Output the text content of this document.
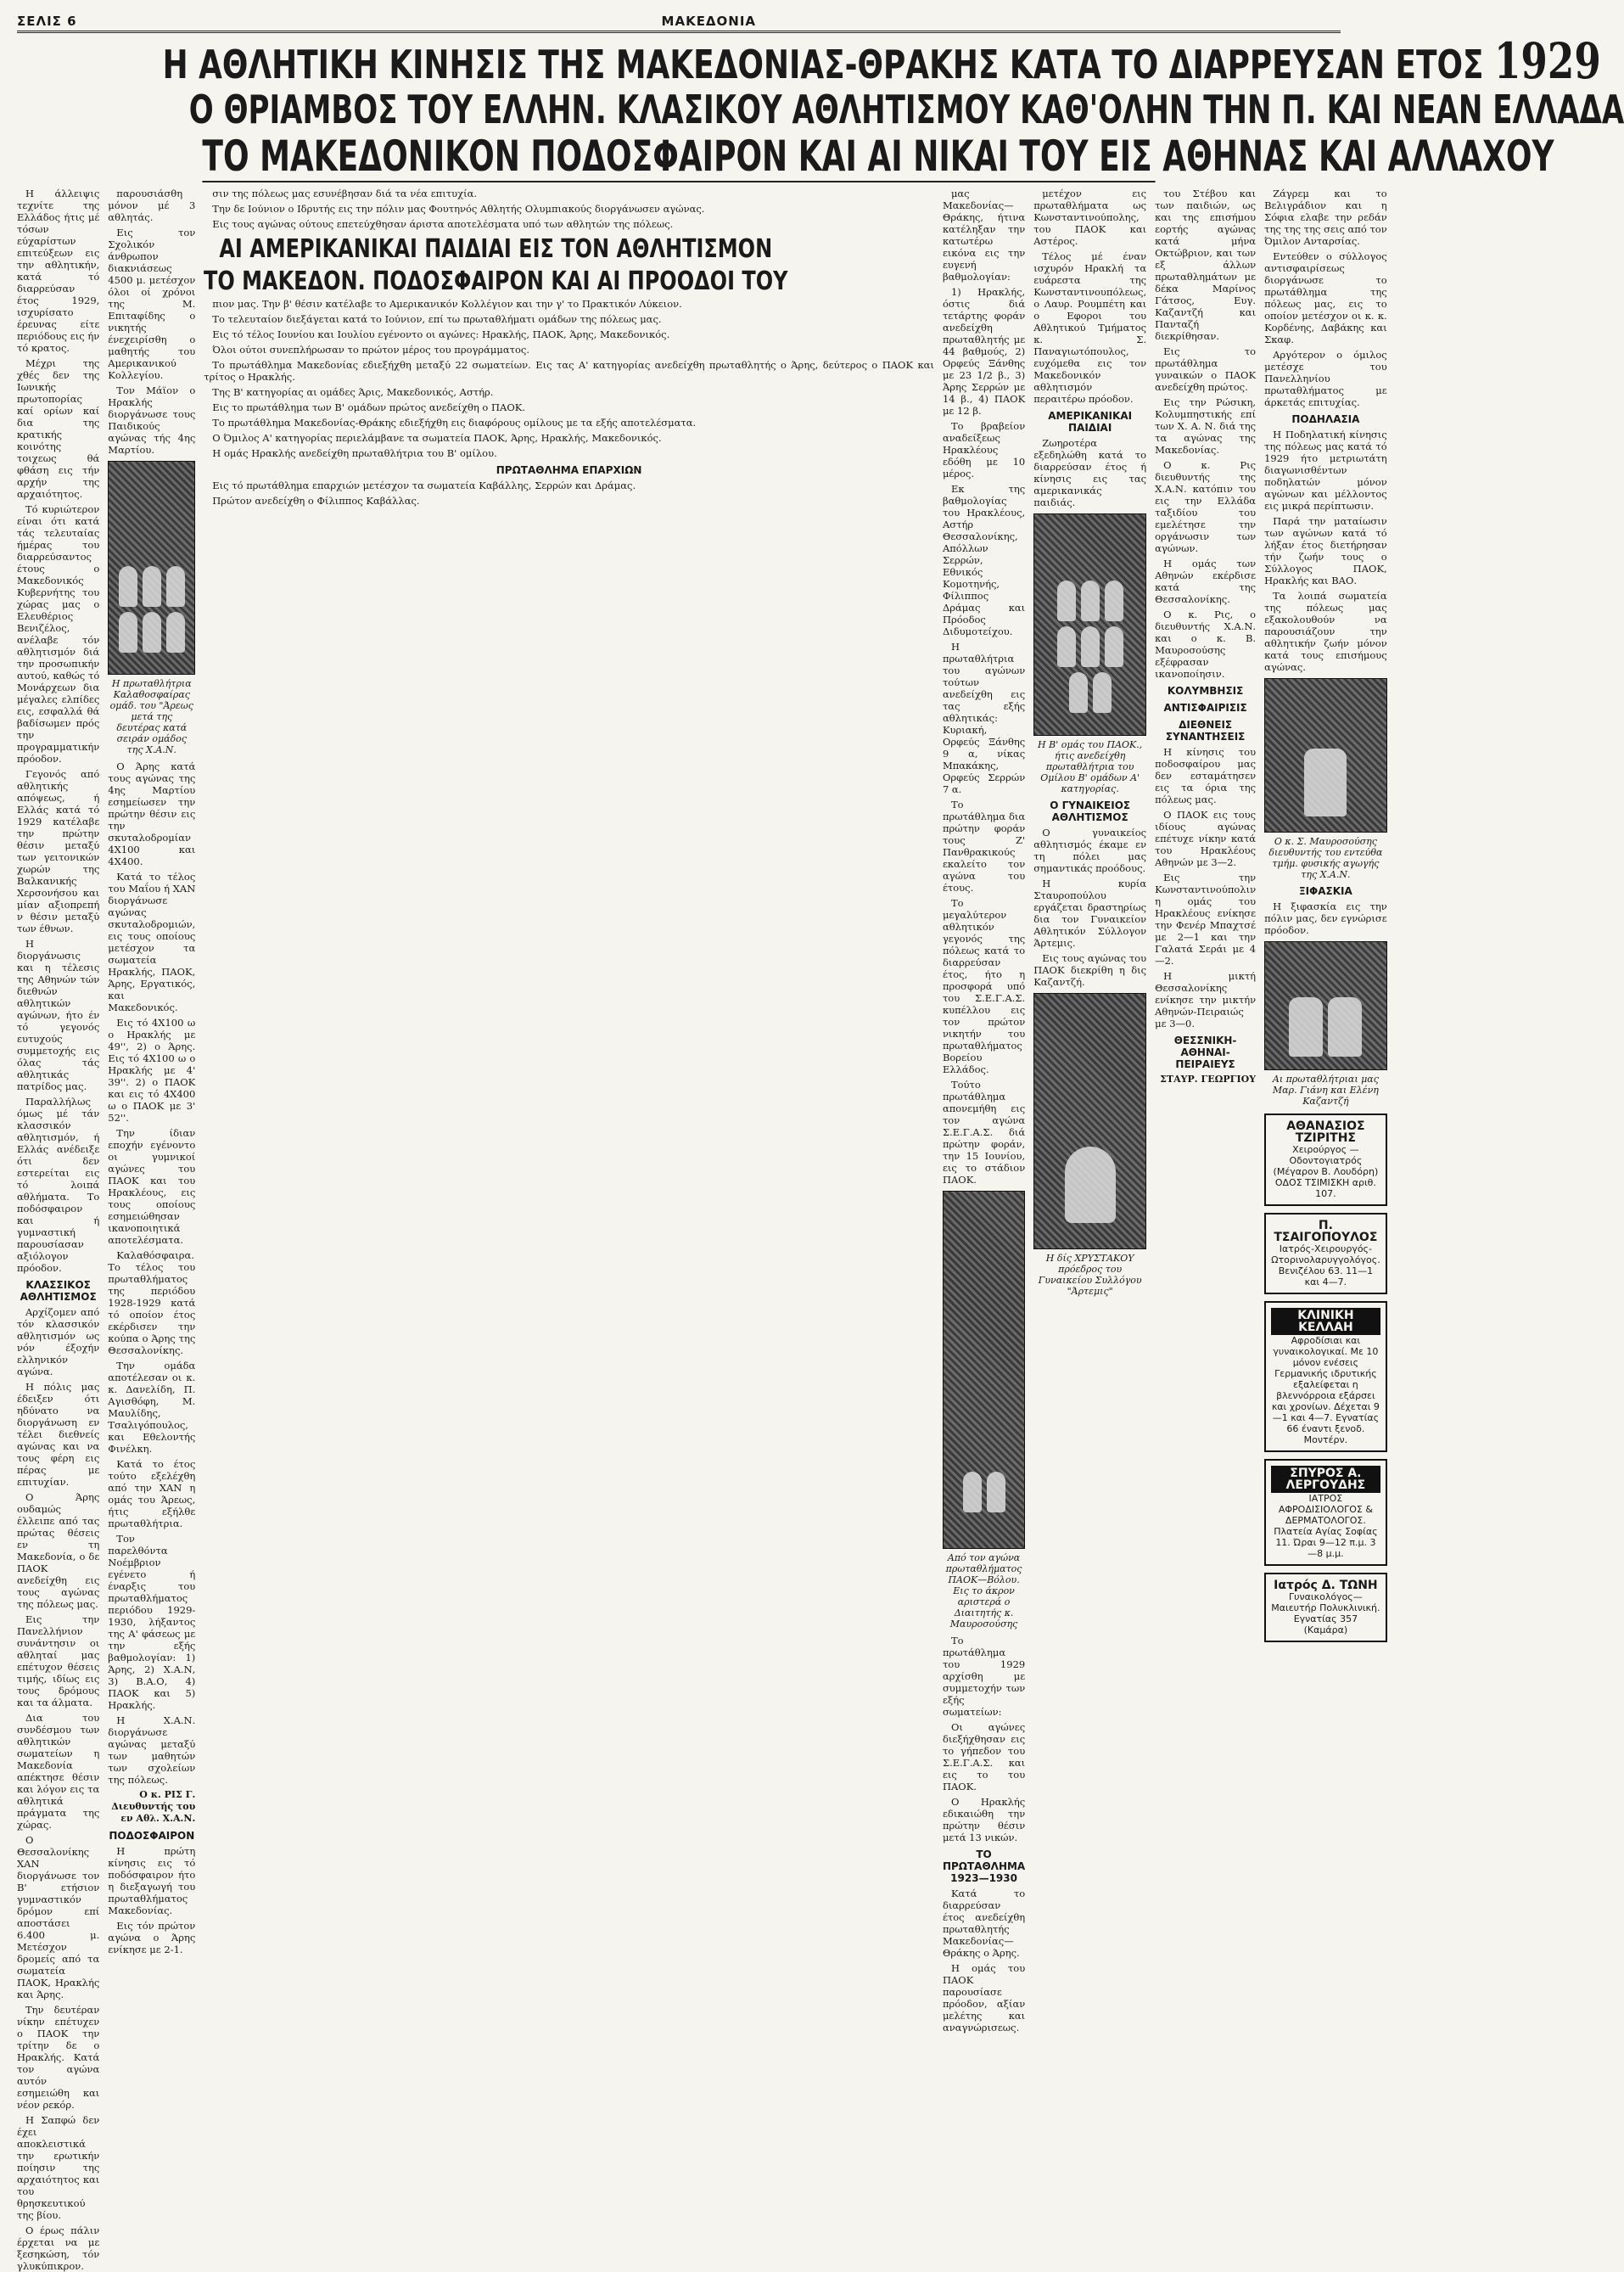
ΣΕΛΙΣ 6	ΜΑΚΕΔΟΝΙΑ
Η ΑΘΛΗΤΙΚΗ ΚΙΝΗΣΙΣ ΤΗΣ ΜΑΚΕΔΟΝΙΑΣ-ΘΡΑΚΗΣ ΚΑΤΑ ΤΟ ΔΙΑΡΡΕΥΣΑΝ ΕΤΟΣ 1929
Ο ΘΡΙΑΜΒΟΣ ΤΟΥ ΕΛΛΗΝ. ΚΛΑΣΙΚΟΥ ΑΘΛΗΤΙΣΜΟΥ ΚΑΘ'ΟΛΗΝ ΤΗΝ Π. ΚΑΙ ΝΕΑΝ ΕΛΛΑΔΑ
ΤΟ ΜΑΚΕΔΟΝΙΚΟΝ ΠΟΔΟΣΦΑΙΡΟΝ ΚΑΙ ΑΙ ΝΙΚΑΙ ΤΟΥ ΕΙΣ ΑΘΗΝΑΣ ΚΑΙ ΑΛΛΑΧΟΥ

Η άλλειψις τεχνίτε της Ελλάδος ήτις μέ τόσων εύχαρίστων επιτεύξεων εις την αθλητικήν, κατά τό διαρρεύσαν έτος 1929, ισχυρίσατο έρευνας είτε περιόδους εις ήν τό κρατος.

Μέχρι της χθές δεν της Ιωνικής πρωτοπορίας καί ορίων καί δια της κρατικής κοινότης τοιχεως θά φθάση εις τήν αρχήν της αρχαιότητος.

Τό κυριώτερον είναι ότι κατά τάς τελευταίας ήμέρας του διαρρεύσαντος έτους ο Μακεδονικός Κυβερνήτης του χώρας μας ο Ελευθέριος Βενιζέλος, ανέλαβε τόν αθλητισμόν διά την προσωπικήν αυτού, καθώς τό Μονάρχεων δια μέγαλες ελπίδες εις, εσφαλλά θά βαδίσωμεν πρός την προγραμματικήν πρόοδον.

Γεγονός από αθλητικής απόψεως, ή Ελλάς κατά τό 1929 κατέλαβε την πρώτην θέσιν μεταξύ των γειτονικών χωρών της Βαλκανικής Χερσονήσου και μίαν αξιοπρεπή ν θέσιν μεταξύ των έθνων.

Η διοργάνωσις και η τέλεσις της Αθηνών τών διεθνών αθλητικών αγώνων, ήτο έν τό γεγονός ευτυχούς συμμετοχής εις όλας τάς αθλητικάς πατρίδος μας.

Παραλλήλως όμως μέ τάν κλασσικόν αθλητισμόν, ή Ελλάς ανέδειξε ότι δεν εστερείται εις τό λοιπά αθλήματα. Το ποδόσφαιρον και ή γυμναστική παρουσίασαν αξιόλογον πρόοδον.

ΚΛΑΣΣΙΚΟΣ ΑΘΛΗΤΙΣΜΟΣ

Αρχίζομεν από τόν κλασσικόν αθλητισμόν ως νόν έξοχήν ελληνικόν αγώνα.

Η πόλις μας έδειξεν ότι ηδύνατο να διοργάνωση εν τέλει διεθνείς αγώνας και να τους φέρη εις πέρας με επιτυχίαν.

Ο Άρης ουδαμώς έλλειπε από τας πρώτας θέσεις εν τη Μακεδονία, ο δε ΠΑΟΚ ανεδείχθη εις τους αγώνας της πόλεως μας.

Εις την Πανελλήνιον συνάντησιν οι αθληταί μας επέτυχον θέσεις τιμής, ιδίως εις τους δρόμους και τα άλματα.

Δια του συνδέσμου των αθλητικών σωματείων η Μακεδονία απέκτησε θέσιν και λόγον εις τα αθλητικά πράγματα της χώρας.

Ο Θεσσαλονίκης ΧΑΝ διοργάνωσε τον Β' ετήσιον γυμναστικόν δρόμον επί αποστάσει 6.400 μ. Μετέσχον δρομείς από τα σωματεία ΠΑΟΚ, Ηρακλής και Άρης.

Την δευτέραν νίκην επέτυχεν ο ΠΑΟΚ την τρίτην δε ο Ηρακλής. Κατά τον αγώνα αυτόν εσημειώθη και νέον ρεκόρ.

Η Σαπφώ δεν έχει αποκλειστικά την ερωτικήν ποίησιν της αρχαιότητος και του θρησκευτικού της βίου.

Ο έρως πάλιν έρχεται να με ξεσηκώση, τόν γλυκύπικρον.

παρουσιάσθη μόνον μέ 3 αθλητάς.

Εις τον Σχολικόν άνθρωπον διακνιάσεως 4500 μ. μετέσχον όλοι οί χρόνοι της Μ. Επιταφίδης ο νικητής ένεχειρίσθη ο μαθητής του Αμερικανικού Κολλεγίου.

Τον Μάϊον ο Ηρακλής διοργάνωσε τους Παιδικούς αγώνας τής 4ης Μαρτίου.

Η πρωταθλήτρια Καλαθοσφαίρας ομάδ. του "Άρεως μετά της δευτέρας κατά σειράν ομάδος της Χ.Α.Ν.

Ο Άρης κατά τους αγώνας της 4ης Μαρτίου εσημείωσεν την πρώτην θέσιν εις την σκυταλοδρομίαν 4Χ100 και 4Χ400.

Κατά το τέλος του Μαΐου ή ΧΑΝ διοργάνωσε αγώνας σκυταλοδρομιών, εις τους οποίους μετέσχον τα σωματεία Ηρακλής, ΠΑΟΚ, Άρης, Εργατικός, και Μακεδονικός.

Εις τό 4Χ100 ω ο Ηρακλής με 49'', 2) ο Άρης. Εις τό 4Χ100 ω ο Ηρακλής με 4' 39''. 2) ο ΠΑΟΚ και εις τό 4Χ400 ω ο ΠΑΟΚ με 3' 52''.

Την ίδιαν εποχήν εγένοντο οι γυμνικοί αγώνες του ΠΑΟΚ και του Ηρακλέους, εις τους οποίους εσημειώθησαν ικανοποιητικά αποτελέσματα.

Καλαθόσφαιρα. Το τέλος του πρωταθλήματος της περιόδου 1928-1929 κατά τό οποίον έτος εκέρδισεν την κούπα ο Άρης της Θεσσαλονίκης.

Την ομάδα αποτέλεσαν οι κ. κ. Δανελίδη, Π. Αγισθόφη, Μ. Μαυλίδης, Τσαλιγόπουλος, και Εθελοντής Φινέλκη.

Κατά το έτος τούτο εξελέχθη από την ΧΑΝ η ομάς του Άρεως, ήτις εξήλθε πρωταθλήτρια.

Τον παρελθόντα Νοέμβριον εγένετο ή έναρξις του πρωταθλήματος περιόδου 1929-1930, λήξαντος της Α' φάσεως με την εξής βαθμολογίαν: 1) Άρης, 2) Χ.Α.Ν, 3) Β.Α.Ο, 4) ΠΑΟΚ και 5) Ηρακλής.

Η Χ.Α.Ν. διοργάνωσε αγώνας μεταξύ των μαθητών των σχολείων της πόλεως.

Ο κ. ΡΙΣ Γ. Διευθυντής του εν Αθλ. Χ.Α.Ν.
ΠΟΔΟΣΦΑΙΡΟΝ

Η πρώτη κίνησις εις τό ποδόσφαιρον ήτο η διεξαγωγή του πρωταθλήματος Μακεδονίας.

Εις τόν πρώτον αγώνα ο Άρης ενίκησε με 2-1.

σιν της πόλεως μας εσυνέβησαν διά τα νέα επιτυχία.

Την δε Ιούνιον ο Ιδρυτής εις την πόλιν μας Φουτηνός Αθλητής Ολυμπιακούς διοργάνωσεν αγώνας.

Εις τους αγώνας ούτους επετεύχθησαν άριστα αποτελέσματα υπό των αθλητών της πόλεως.

ΑΙ ΑΜΕΡΙΚΑΝΙΚΑΙ ΠΑΙΔΙΑΙ ΕΙΣ ΤΟΝ ΑΘΛΗΤΙΣΜΟΝ
ΤΟ ΜΑΚΕΔΟΝ. ΠΟΔΟΣΦΑΙΡΟΝ ΚΑΙ ΑΙ ΠΡΟΟΔΟΙ ΤΟΥ

πιον μας. Την β' θέσιν κατέλαβε το Αμερικανικόν Κολλέγιον και την γ' το Πρακτικόν Λύκειον.

Το τελευταίον διεξάγεται κατά το Ιούνιον, επί τω πρωταθλήματι ομάδων της πόλεως μας.

Εις τό τέλος Ιουνίου και Ιουλίου εγένοντο οι αγώνες: Ηρακλής, ΠΑΟΚ, Άρης, Μακεδονικός.

Όλοι ούτοι συνεπλήρωσαν το πρώτον μέρος του προγράμματος.

Το πρωτάθλημα Μακεδονίας εδιεξήχθη μεταξύ 22 σωματείων. Εις τας Α' κατηγορίας ανεδείχθη πρωταθλητής ο Άρης, δεύτερος ο ΠΑΟΚ και τρίτος ο Ηρακλής.

Της Β' κατηγορίας αι ομάδες Άρις, Μακεδονικός, Αστήρ.

Εις το πρωτάθλημα των Β' ομάδων πρώτος ανεδείχθη ο ΠΑΟΚ.

Το πρωτάθλημα Μακεδονίας-Θράκης εδιεξήχθη εις διαφόρους ομίλους με τα εξής αποτελέσματα.

Ο Όμιλος Α' κατηγορίας περιελάμβανε τα σωματεία ΠΑΟΚ, Άρης, Ηρακλής, Μακεδονικός.

Η ομάς Ηρακλής ανεδείχθη πρωταθλήτρια του Β' ομίλου.

ΠΡΩΤΑΘΛΗΜΑ ΕΠΑΡΧΙΩΝ

Εις τό πρωτάθλημα επαρχιών μετέσχον τα σωματεία Καβάλλης, Σερρών και Δράμας.

Πρώτον ανεδείχθη ο Φίλιππος Καβάλλας.

μας Μακεδονίας—Θράκης, ήτινα κατέληξαν την κατωτέρω εικόνα εις την ευγενή βαθμολογίαν:

1) Ηρακλής, όστις διά τετάρτης φοράν ανεδείχθη πρωταθλητής με 44 βαθμούς, 2) Ορφεύς Ξάνθης με 23 1/2 β., 3) Άρης Σερρών με 14 β., 4) ΠΑΟΚ με 12 β.

Το βραβείον αναδείξεως Ηρακλέους εδόθη με 10 μέρος.

Εκ της βαθμολογίας του Ηρακλέους, Αστήρ Θεσσαλονίκης, Απόλλων Σερρών, Εθνικός Κομοτηνής, Φίλιππος Δράμας και Πρόοδος Διδυμοτείχου.

Η πρωταθλήτρια του αγώνων τούτων ανεδείχθη εις τας εξής αθλητικάς: Κυριακή, Ορφεύς Ξάνθης 9 α, νίκας Μπακάκης, Ορφεύς Σερρών 7 α.

Το πρωτάθλημα δια πρώτην φοράν τους Ζ' Πανθρακικούς εκαλείτο τον αγώνα του έτους.

Το μεγαλύτερον αθλητικόν γεγονός της πόλεως κατά το διαρρεύσαν έτος, ήτο η προσφορά υπό του Σ.Ε.Γ.Α.Σ. κυπέλλου εις τον πρώτον νικητήν του πρωταθλήματος Βορείου Ελλάδος.

Τούτο πρωτάθλημα απονεμήθη εις τον αγώνα Σ.Ε.Γ.Α.Σ. διά πρώτην φοράν, την 15 Ιουνίου, εις το στάδιον ΠΑΟΚ.

Από τον αγώνα πρωταθλήματος ΠΑΟΚ—Βόλου. Εις το άκρον αριστερά ο Διαιτητής κ. Μαυροσούσης

Το πρωτάθλημα του 1929 αρχίσθη με συμμετοχήν των εξής σωματείων:

Οι αγώνες διεξήχθησαν εις το γήπεδον του Σ.Ε.Γ.Α.Σ. και εις το του ΠΑΟΚ.

Ο Ηρακλής εδικαιώθη την πρώτην θέσιν μετά 13 νικών.

ΤΟ ΠΡΩΤΑΘΛΗΜΑ 1923—1930

Κατά το διαρρεύσαν έτος ανεδείχθη πρωταθλητής Μακεδονίας—Θράκης ο Άρης.

Η ομάς του ΠΑΟΚ παρουσίασε πρόοδον, αξίαν μελέτης και αναγνώρισεως.

μετέχον εις πρωταθλήματα ως Κωνσταντινούπολης, του ΠΑΟΚ και Αστέρος.

Τέλος μέ έναν ισχυρόν Ηρακλή τα ευάρεστα της Κωνσταντινουπόλεως, ο Λαυρ. Ρουμπέτη και ο Εφοροι του Αθλητικού Τμήματος κ. Σ. Παναγιωτόπουλος, ευχόμεθα εις τον Μακεδονικόν αθλητισμόν περαιτέρω πρόοδον.

ΑΜΕΡΙΚΑΝΙΚΑΙ ΠΑΙΔΙΑΙ

Ζωηροτέρα εξεδηλώθη κατά το διαρρεύσαν έτος ή κίνησις εις τας αμερικανικάς παιδιάς.

Η Β' ομάς του ΠΑΟΚ., ήτις ανεδείχθη πρωταθλήτρια του Ομίλου Β' ομάδων Α' κατηγορίας.
Ο ΓΥΝΑΙΚΕΙΟΣ ΑΘΛΗΤΙΣΜΟΣ

Ο γυναικείος αθλητισμός έκαμε εν τη πόλει μας σημαντικάς προόδους.

Η κυρία Σταυροπούλου εργάζεται δραστηρίως δια τον Γυναικείον Αθλητικόν Σύλλογον Άρτεμις.

Εις τους αγώνας του ΠΑΟΚ διεκρίθη η δις Καζαντζή.

Η δίς ΧΡΥΣΤΑΚΟΥ πρόεδρος του Γυναικείου Συλλόγου "Άρτεμις"

του Στέβου και των παιδιών, ως και της επισήμου εορτής αγώνας κατά μήνα Οκτώβριον, και των εξ άλλων πρωταθλημάτων με δέκα Μαρίνος Γάτσος, Ευγ. Καζαντζή και Πανταζή διεκρίθησαν.

Εις το πρωτάθλημα γυναικών ο ΠΑΟΚ ανεδείχθη πρώτος.

Εις την Ρώσικη, Κολυμπηστικής επί των Χ. Α. Ν. διά της τα αγώνας της Μακεδονίας.

Ο κ. Ρις διευθυντής της Χ.Α.Ν. κατόπιν του εις την Ελλάδα ταξιδίου του εμελέτησε την οργάνωσιν των αγώνων.

Η ομάς των Αθηνών εκέρδισε κατά της Θεσσαλονίκης.

Ο κ. Ρις, ο διευθυντής Χ.Α.Ν. και ο κ. Β. Μαυροσούσης εξέφρασαν ικανοποίησιν.

ΚΟΛΥΜΒΗΣΙΣ
ΑΝΤΙΣΦΑΙΡΙΣΙΣ
ΔΙΕΘΝΕΙΣ ΣΥΝΑΝΤΗΣΕΙΣ

Η κίνησις του ποδοσφαίρου μας δεν εσταμάτησεν εις τα όρια της πόλεως μας.

Ο ΠΑΟΚ εις τους ιδίους αγώνας επέτυχε νίκην κατά του Ηρακλέους Αθηνών με 3—2.

Εις την Κωνσταντινούπολιν η ομάς του Ηρακλέους ενίκησε την Φενέρ Μπαχτσέ με 2—1 και την Γαλατά Σεράι με 4—2.

Η μικτή Θεσσαλονίκης ενίκησε την μικτήν Αθηνών-Πειραιώς με 3—0.

ΘΕΣΣΝΙΚΗ-ΑΘΗΝΑΙ-ΠΕΙΡΑΙΕΥΣ
ΣΤΑΥΡ. ΓΕΩΡΓΙΟΥ

Ζάγρεμ και το Βελιγράδιον και η Σόφια ελαβε την ρεδάν της της της σεις από τον Όμιλον Ανταρσίας.

Εντεύθεν ο σύλλογος αντισφαιρίσεως διοργάνωσε το πρωτάθλημα της πόλεως μας, εις το οποίον μετέσχον οι κ. κ. Κορδένης, Δαβάκης και Σκαφ.

Αργότερον ο όμιλος μετέσχε του Πανελληνίου πρωταθλήματος με άρκετάς επιτυχίας.

ΠΟΔΗΛΑΣΙΑ

Η Ποδηλατική κίνησις της πόλεως μας κατά τό 1929 ήτο μετριωτάτη διαγωνισθέντων ποδηλατών μόνον αγώνων και μέλλοντος εις μικρά περίπτωσιν.

Παρά την ματαίωσιν των αγώνων κατά τό λήξαν έτος διετήρησαν τήν ζωήν τους ο Σύλλογος ΠΑΟΚ, Ηρακλής και ΒΑΟ.

Τα λοιπά σωματεία της πόλεως μας εξακολουθούν να παρουσιάζουν την αθλητικήν ζωήν μόνον κατά τους επισήμους αγώνας.

Ο κ. Σ. Μαυροσούσης διευθυντής του εντεύθα τμήμ. φυσικής αγωγής της Χ.Α.Ν.
ΞΙΦΑΣΚΙΑ

Η ξιφασκία εις την πόλιν μας, δεν εγνώρισε πρόοδον.

Αι πρωταθλήτριαι μας Μαρ. Γιάνη και Ελένη Καζαντζή
ΑΘΑΝΑΣΙΟΣ ΤΖΙΡΙΤΗΣ
Χειρούργος — Οδοντογιατρός (Μέγαρον Β. Λουδόρη) ΟΔΟΣ ΤΣΙΜΙΣΚΗ αριθ. 107.
Π. ΤΣΑΙΓΟΠΟΥΛΟΣ
Ιατρός-Χειρουργός-Ωτορινολαρυγγολόγος. Βενιζέλου 63. 11—1 και 4—7.
ΚΛΙΝΙΚΗ ΚΕΛΛΑΗ
Αφροδίσιαι και γυναικολογικαί. Με 10 μόνον ενέσεις Γερμανικής ιδρυτικής εξαλείφεται η βλεννόρροια εξάρσει και χρονίων. Δέχεται 9—1 και 4—7. Εγνατίας 66 έναντι ξενοδ. Μοντέρν.
ΣΠΥΡΟΣ Α. ΛΕΡΓΟΥΔΗΣ
ΙΑΤΡΟΣ ΑΦΡΟΔΙΣΙΟΛΟΓΟΣ & ΔΕΡΜΑΤΟΛΟΓΟΣ. Πλατεία Αγίας Σοφίας 11. Ώραι 9—12 π.μ. 3—8 μ.μ.
Ιατρός Δ. ΤΩΝΗ
Γυναικολόγος—Μαιευτήρ Πολυκλινική. Εγνατίας 357 (Καμάρα)
